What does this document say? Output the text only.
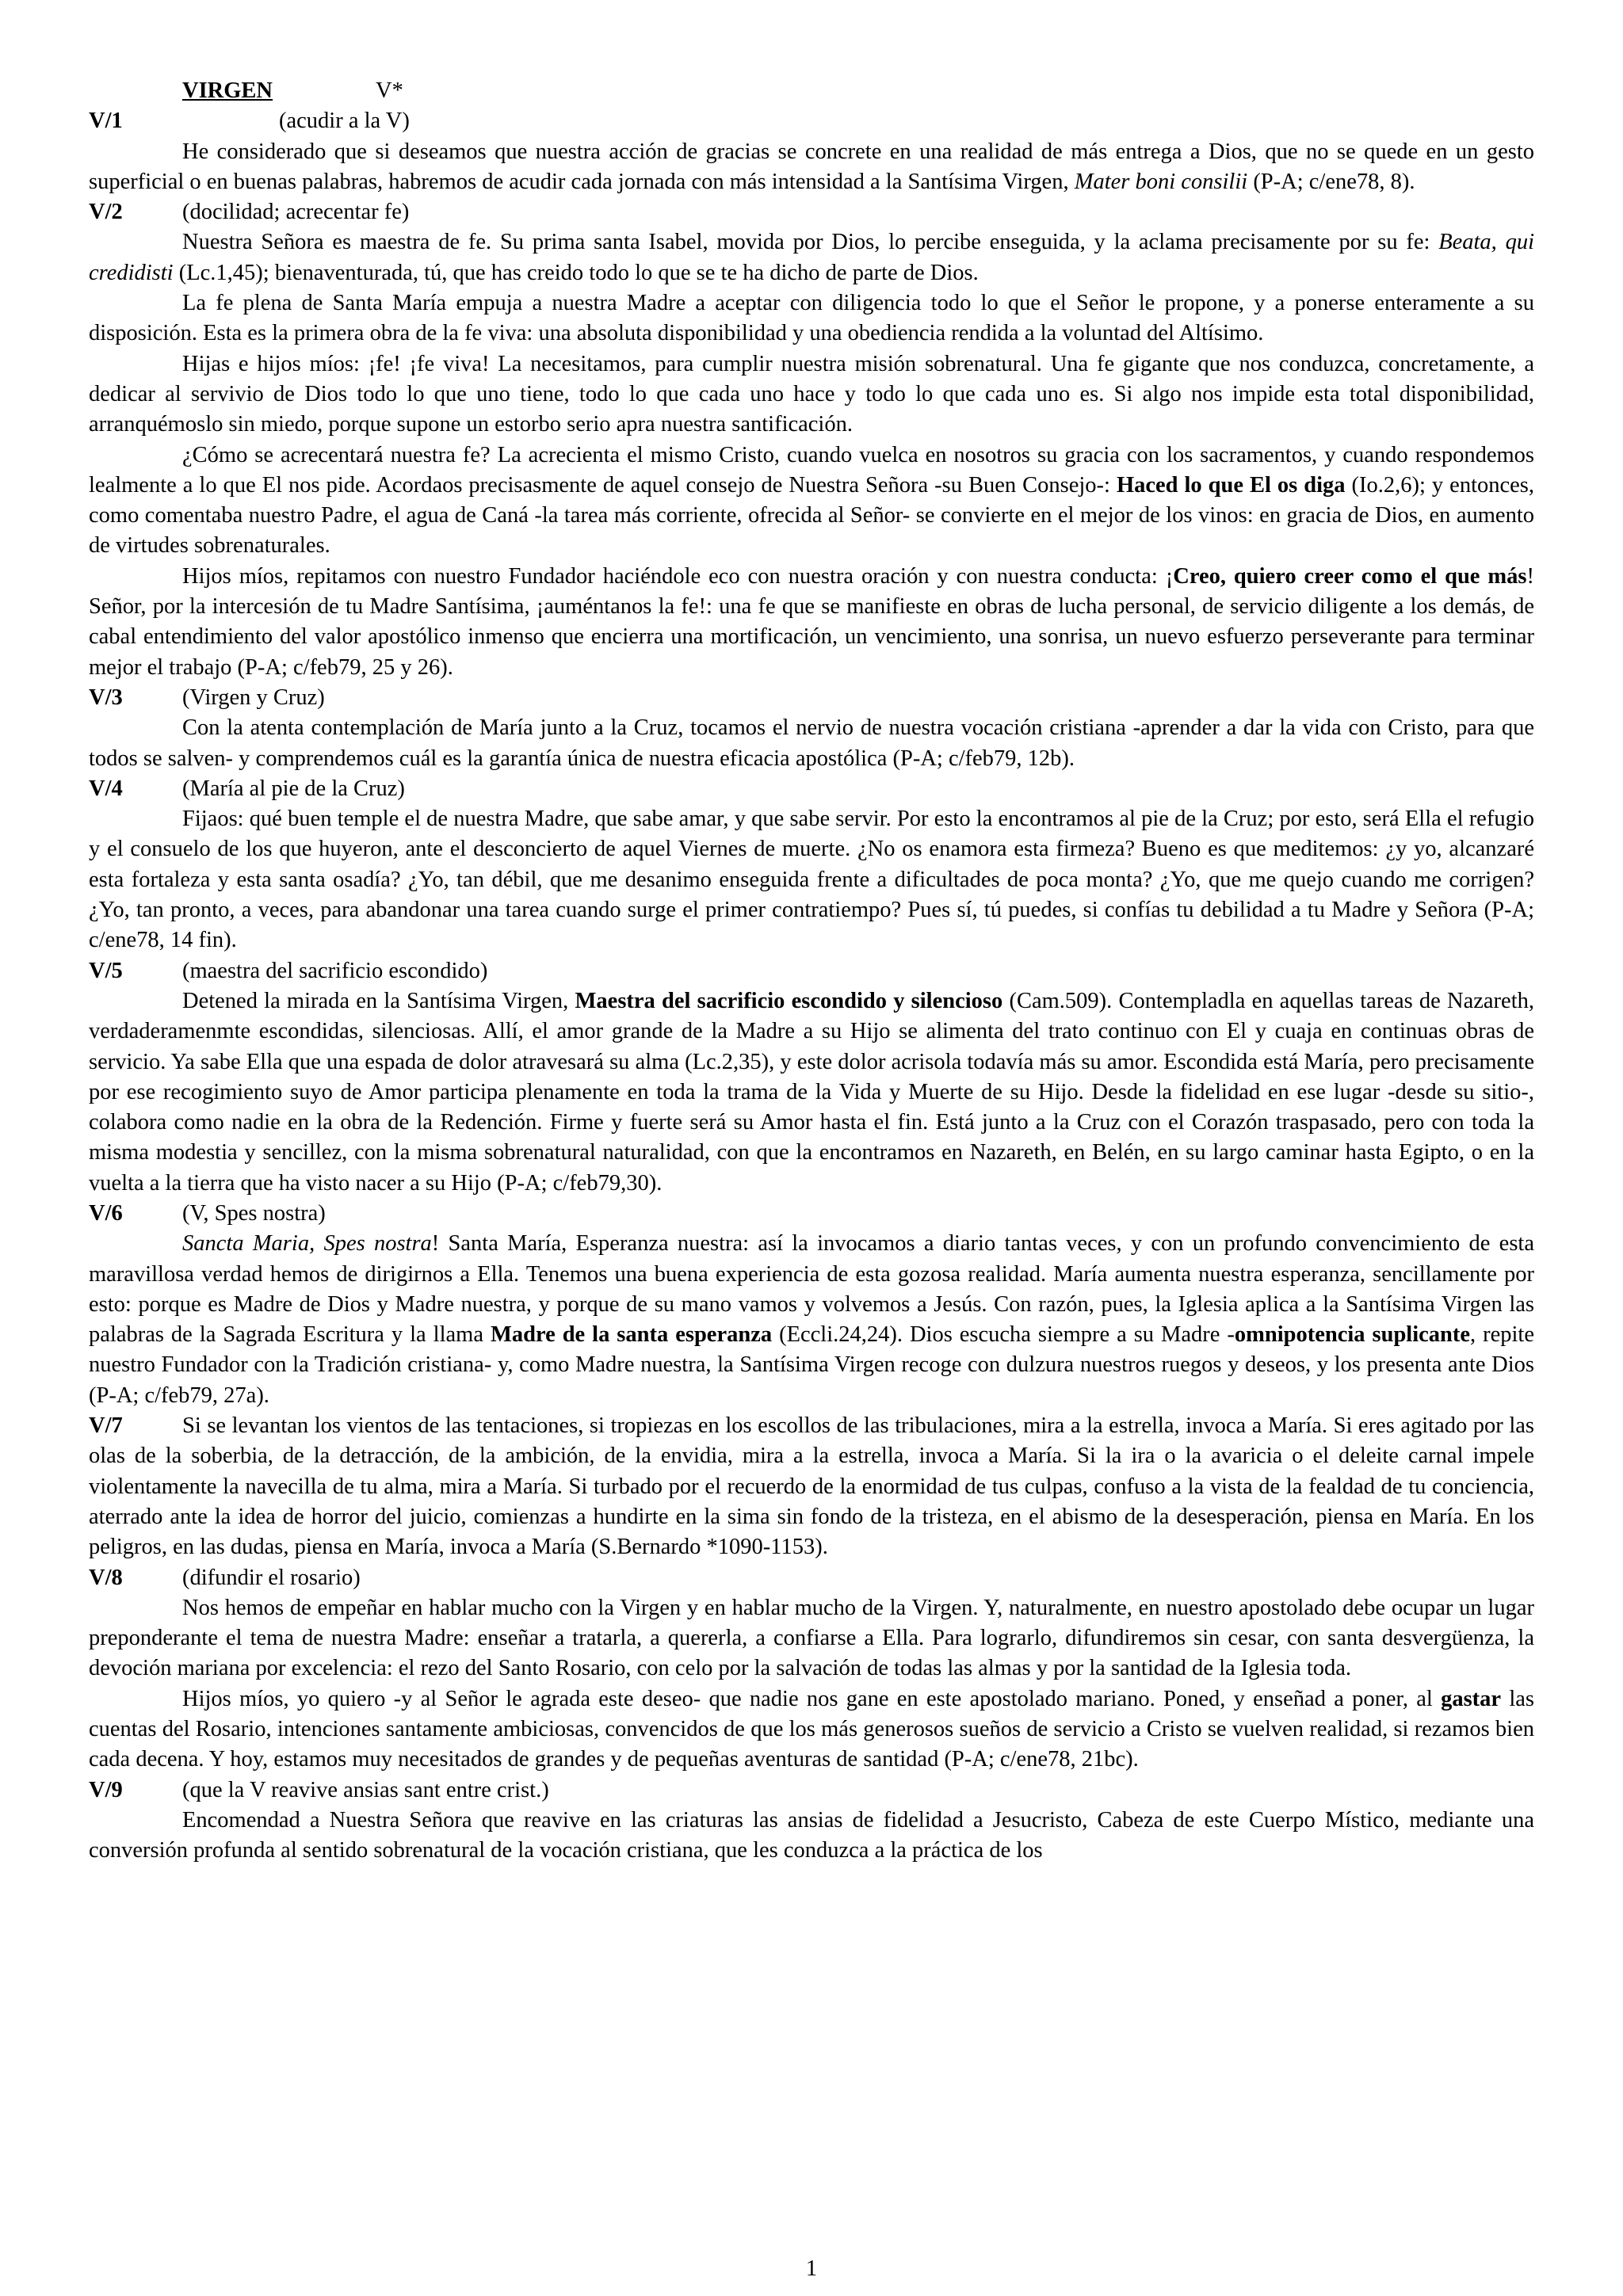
VIRGEN	V*
V/1	(acudir a la V)

He considerado que si deseamos que nuestra acción de gracias se concrete en una realidad de más entrega a Dios, que no se quede en un gesto superficial o en buenas palabras, habremos de acudir cada jornada con más intensidad a la Santísima Virgen, Mater boni consilii (P-A; c/ene78, 8).

V/2	(docilidad; acrecentar fe)

Nuestra Señora es maestra de fe. Su prima santa Isabel, movida por Dios, lo percibe enseguida, y la aclama precisamente por su fe: Beata, qui credidisti (Lc.1,45); bienaventurada, tú, que has creido todo lo que se te ha dicho de parte de Dios.

La fe plena de Santa María empuja a nuestra Madre a aceptar con diligencia todo lo que el Señor le propone, y a ponerse enteramente a su disposición. Esta es la primera obra de la fe viva: una absoluta disponibilidad y una obediencia rendida a la voluntad del Altísimo.

Hijas e hijos míos: ¡fe! ¡fe viva! La necesitamos, para cumplir nuestra misión sobrenatural. Una fe gigante que nos conduzca, concretamente, a dedicar al servivio de Dios todo lo que uno tiene, todo lo que cada uno hace y todo lo que cada uno es. Si algo nos impide esta total disponibilidad, arranquémoslo sin miedo, porque supone un estorbo serio apra nuestra santificación.

¿Cómo se acrecentará nuestra fe? La acrecienta el mismo Cristo, cuando vuelca en nosotros su gracia con los sacramentos, y cuando respondemos lealmente a lo que El nos pide. Acordaos precisasmente de aquel consejo de Nuestra Señora -su Buen Consejo-: Haced lo que El os diga (Io.2,6); y entonces, como comentaba nuestro Padre, el agua de Caná -la tarea más corriente, ofrecida al Señor- se convierte en el mejor de los vinos: en gracia de Dios, en aumento de virtudes sobrenaturales.

Hijos míos, repitamos con nuestro Fundador haciéndole eco con nuestra oración y con nuestra conducta: ¡Creo, quiero creer como el que más! Señor, por la intercesión de tu Madre Santísima, ¡auméntanos la fe!: una fe que se manifieste en obras de lucha personal, de servicio diligente a los demás, de cabal entendimiento del valor apostólico inmenso que encierra una mortificación, un vencimiento, una sonrisa, un nuevo esfuerzo perseverante para terminar mejor el trabajo (P-A; c/feb79, 25 y 26).

V/3	(Virgen y Cruz)

Con la atenta contemplación de María junto a la Cruz, tocamos el nervio de nuestra vocación cristiana -aprender a dar la vida con Cristo, para que todos se salven- y comprendemos cuál es la garantía única de nuestra eficacia apostólica (P-A; c/feb79, 12b).

V/4	(María al pie de la Cruz)

Fijaos: qué buen temple el de nuestra Madre, que sabe amar, y que sabe servir. Por esto la encontramos al pie de la Cruz; por esto, será Ella el refugio y el consuelo de los que huyeron, ante el desconcierto de aquel Viernes de muerte. ¿No os enamora esta firmeza? Bueno es que meditemos: ¿y yo, alcanzaré esta fortaleza y esta santa osadía? ¿Yo, tan débil, que me desanimo enseguida frente a dificultades de poca monta? ¿Yo, que me quejo cuando me corrigen? ¿Yo, tan pronto, a veces, para abandonar una tarea cuando surge el primer contratiempo? Pues sí, tú puedes, si confías tu debilidad a tu Madre y Señora (P-A; c/ene78, 14 fin).

V/5	(maestra del sacrificio escondido)

Detened la mirada en la Santísima Virgen, Maestra del sacrificio escondido y silencioso (Cam.509). Contempladla en aquellas tareas de Nazareth, verdaderamenmte escondidas, silenciosas. Allí, el amor grande de la Madre a su Hijo se alimenta del trato continuo con El y cuaja en continuas obras de servicio. Ya sabe Ella que una espada de dolor atravesará su alma (Lc.2,35), y este dolor acrisola todavía más su amor. Escondida está María, pero precisamente por ese recogimiento suyo de Amor participa plenamente en toda la trama de la Vida y Muerte de su Hijo. Desde la fidelidad en ese lugar -desde su sitio-, colabora como nadie en la obra de la Redención. Firme y fuerte será su Amor hasta el fin. Está junto a la Cruz con el Corazón traspasado, pero con toda la misma modestia y sencillez, con la misma sobrenatural naturalidad, con que la encontramos en Nazareth, en Belén, en su largo caminar hasta Egipto, o en la vuelta a la tierra que ha visto nacer a su Hijo (P-A; c/feb79,30).

V/6	(V, Spes nostra)

Sancta Maria, Spes nostra! Santa María, Esperanza nuestra: así la invocamos a diario tantas veces, y con un profundo convencimiento de esta maravillosa verdad hemos de dirigirnos a Ella. Tenemos una buena experiencia de esta gozosa realidad. María aumenta nuestra esperanza, sencillamente por esto: porque es Madre de Dios y Madre nuestra, y porque de su mano vamos y volvemos a Jesús. Con razón, pues, la Iglesia aplica a la Santísima Virgen las palabras de la Sagrada Escritura y la llama Madre de la santa esperanza (Eccli.24,24). Dios escucha siempre a su Madre -omnipotencia suplicante, repite nuestro Fundador con la Tradición cristiana- y, como Madre nuestra, la Santísima Virgen recoge con dulzura nuestros ruegos y deseos, y los presenta ante Dios (P-A; c/feb79, 27a).

V/7	Si se levantan los vientos de las tentaciones, si tropiezas en los escollos de las tribulaciones, mira a la estrella, invoca a María. Si eres agitado por las olas de la soberbia, de la detracción, de la ambición, de la envidia, mira a la estrella, invoca a María. Si la ira o la avaricia o el deleite carnal impele violentamente la navecilla de tu alma, mira a María. Si turbado por el recuerdo de la enormidad de tus culpas, confuso a la vista de la fealdad de tu conciencia, aterrado ante la idea de horror del juicio, comienzas a hundirte en la sima sin fondo de la tristeza, en el abismo de la desesperación, piensa en María. En los peligros, en las dudas, piensa en María, invoca a María (S.Bernardo *1090-1153).

V/8	(difundir el rosario)

Nos hemos de empeñar en hablar mucho con la Virgen y en hablar mucho de la Virgen. Y, naturalmente, en nuestro apostolado debe ocupar un lugar preponderante el tema de nuestra Madre: enseñar a tratarla, a quererla, a confiarse a Ella. Para lograrlo, difundiremos sin cesar, con santa desvergüenza, la devoción mariana por excelencia: el rezo del Santo Rosario, con celo por la salvación de todas las almas y por la santidad de la Iglesia toda.

Hijos míos, yo quiero -y al Señor le agrada este deseo- que nadie nos gane en este apostolado mariano. Poned, y enseñad a poner, al gastar las cuentas del Rosario, intenciones santamente ambiciosas, convencidos de que los más generosos sueños de servicio a Cristo se vuelven realidad, si rezamos bien cada decena. Y hoy, estamos muy necesitados de grandes y de pequeñas aventuras de santidad (P-A; c/ene78, 21bc).

V/9	(que la V reavive ansias sant entre crist.)

Encomendad a Nuestra Señora que reavive en las criaturas las ansias de fidelidad a Jesucristo, Cabeza de este Cuerpo Místico, mediante una conversión profunda al sentido sobrenatural de la vocación cristiana, que les conduzca a la práctica de los

1
